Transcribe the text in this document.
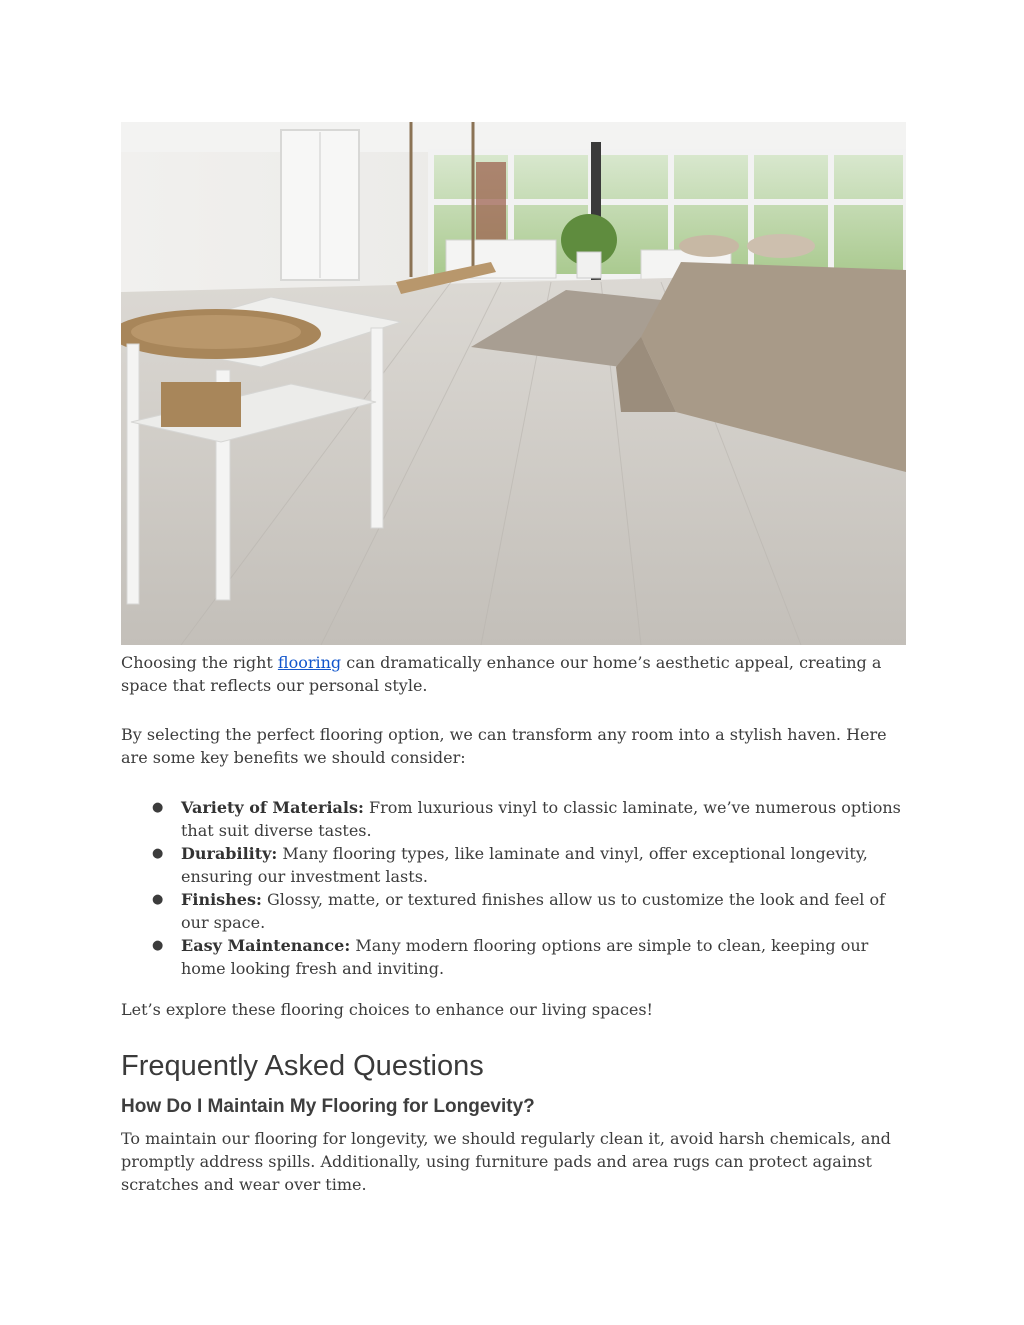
Choosing the right flooring can dramatically enhance our home’s aesthetic appeal, creating a space that reflects our personal style.

By selecting the perfect flooring option, we can transform any room into a stylish haven. Here are some key benefits we should consider:

● Variety of Materials: From luxurious vinyl to classic laminate, we’ve numerous options that suit diverse tastes.
● Durability: Many flooring types, like laminate and vinyl, offer exceptional longevity, ensuring our investment lasts.
● Finishes: Glossy, matte, or textured finishes allow us to customize the look and feel of our space.
● Easy Maintenance: Many modern flooring options are simple to clean, keeping our home looking fresh and inviting.

Let’s explore these flooring choices to enhance our living spaces!

Frequently Asked Questions
How Do I Maintain My Flooring for Longevity?

To maintain our flooring for longevity, we should regularly clean it, avoid harsh chemicals, and promptly address spills. Additionally, using furniture pads and area rugs can protect against scratches and wear over time.
